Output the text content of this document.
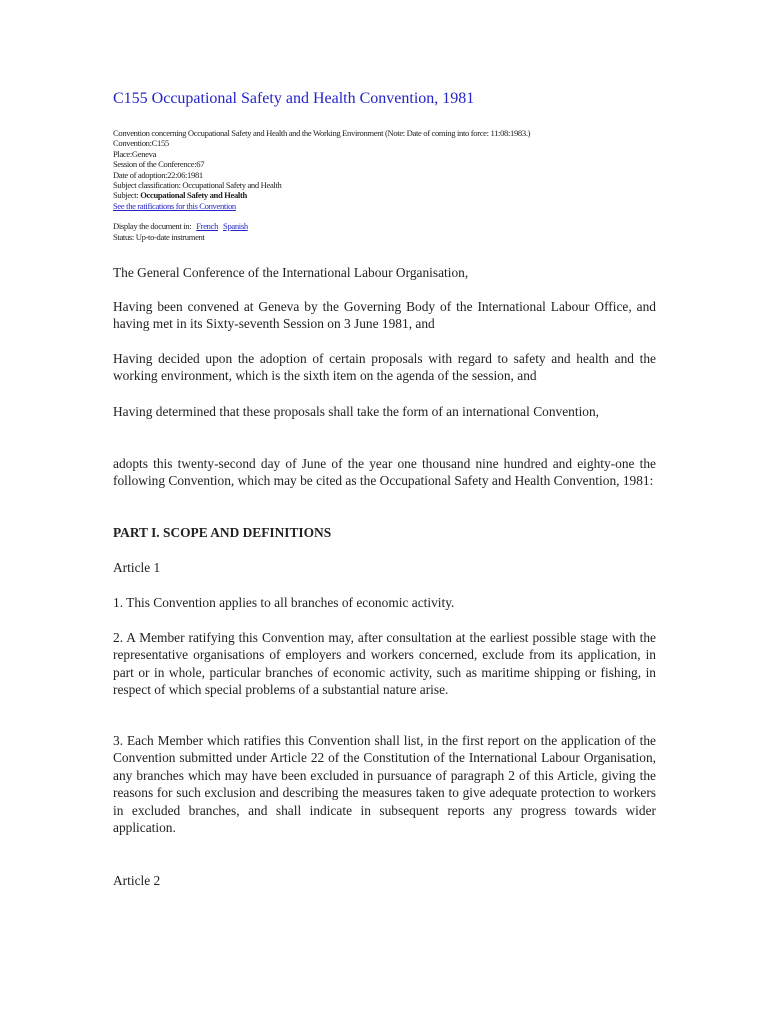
C155 Occupational Safety and Health Convention, 1981
Convention concerning Occupational Safety and Health and the Working Environment (Note: Date of coming into force: 11:08:1983.)
Convention:C155
Place:Geneva
Session of the Conference:67
Date of adoption:22:06:1981
Subject classification: Occupational Safety and Health
Subject: Occupational Safety and Health
See the ratifications for this Convention
Display the document in: French Spanish
Status: Up-to-date instrument

The General Conference of the International Labour Organisation,

Having been convened at Geneva by the Governing Body of the International Labour Office, and having met in its Sixty-seventh Session on 3 June 1981, and

Having decided upon the adoption of certain proposals with regard to safety and health and the working environment, which is the sixth item on the agenda of the session, and

Having determined that these proposals shall take the form of an international Convention,

adopts this twenty-second day of June of the year one thousand nine hundred and eighty-one the following Convention, which may be cited as the Occupational Safety and Health Convention, 1981:

PART I. SCOPE AND DEFINITIONS

Article 1

1. This Convention applies to all branches of economic activity.

2. A Member ratifying this Convention may, after consultation at the earliest possible stage with the representative organisations of employers and workers concerned, exclude from its application, in part or in whole, particular branches of economic activity, such as maritime shipping or fishing, in respect of which special problems of a substantial nature arise.

3. Each Member which ratifies this Convention shall list, in the first report on the application of the Convention submitted under Article 22 of the Constitution of the International Labour Organisation, any branches which may have been excluded in pursuance of paragraph 2 of this Article, giving the reasons for such exclusion and describing the measures taken to give adequate protection to workers in excluded branches, and shall indicate in subsequent reports any progress towards wider application.

Article 2
